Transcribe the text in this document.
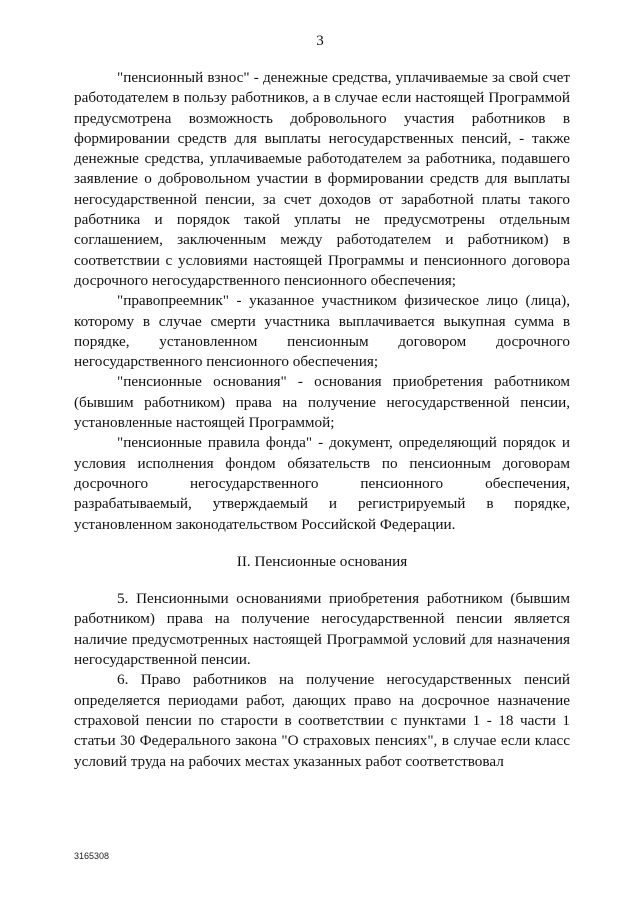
3

"пенсионный взнос" - денежные средства, уплачиваемые за свой счет работодателем в пользу работников, а в случае если настоящей Программой предусмотрена возможность добровольного участия работников в формировании средств для выплаты негосударственных пенсий, - также денежные средства, уплачиваемые работодателем за работника, подавшего заявление о добровольном участии в формировании средств для выплаты негосударственной пенсии, за счет доходов от заработной платы такого работника и порядок такой уплаты не предусмотрены отдельным соглашением, заключенным между работодателем и работником) в соответствии с условиями настоящей Программы и пенсионного договора досрочного негосударственного пенсионного обеспечения;

"правопреемник" - указанное участником физическое лицо (лица), которому в случае смерти участника выплачивается выкупная сумма в порядке, установленном пенсионным договором досрочного негосударственного пенсионного обеспечения;

"пенсионные основания" - основания приобретения работником (бывшим работником) права на получение негосударственной пенсии, установленные настоящей Программой;

"пенсионные правила фонда" - документ, определяющий порядок и условия исполнения фондом обязательств по пенсионным договорам досрочного негосударственного пенсионного обеспечения, разрабатываемый, утверждаемый и регистрируемый в порядке, установленном законодательством Российской Федерации.

II. Пенсионные основания

5. Пенсионными основаниями приобретения работником (бывшим работником) права на получение негосударственной пенсии является наличие предусмотренных настоящей Программой условий для назначения негосударственной пенсии.

6. Право работников на получение негосударственных пенсий определяется периодами работ, дающих право на досрочное назначение страховой пенсии по старости в соответствии с пунктами 1 - 18 части 1 статьи 30 Федерального закона "О страховых пенсиях", в случае если класс условий труда на рабочих местах указанных работ соответствовал

3165308
